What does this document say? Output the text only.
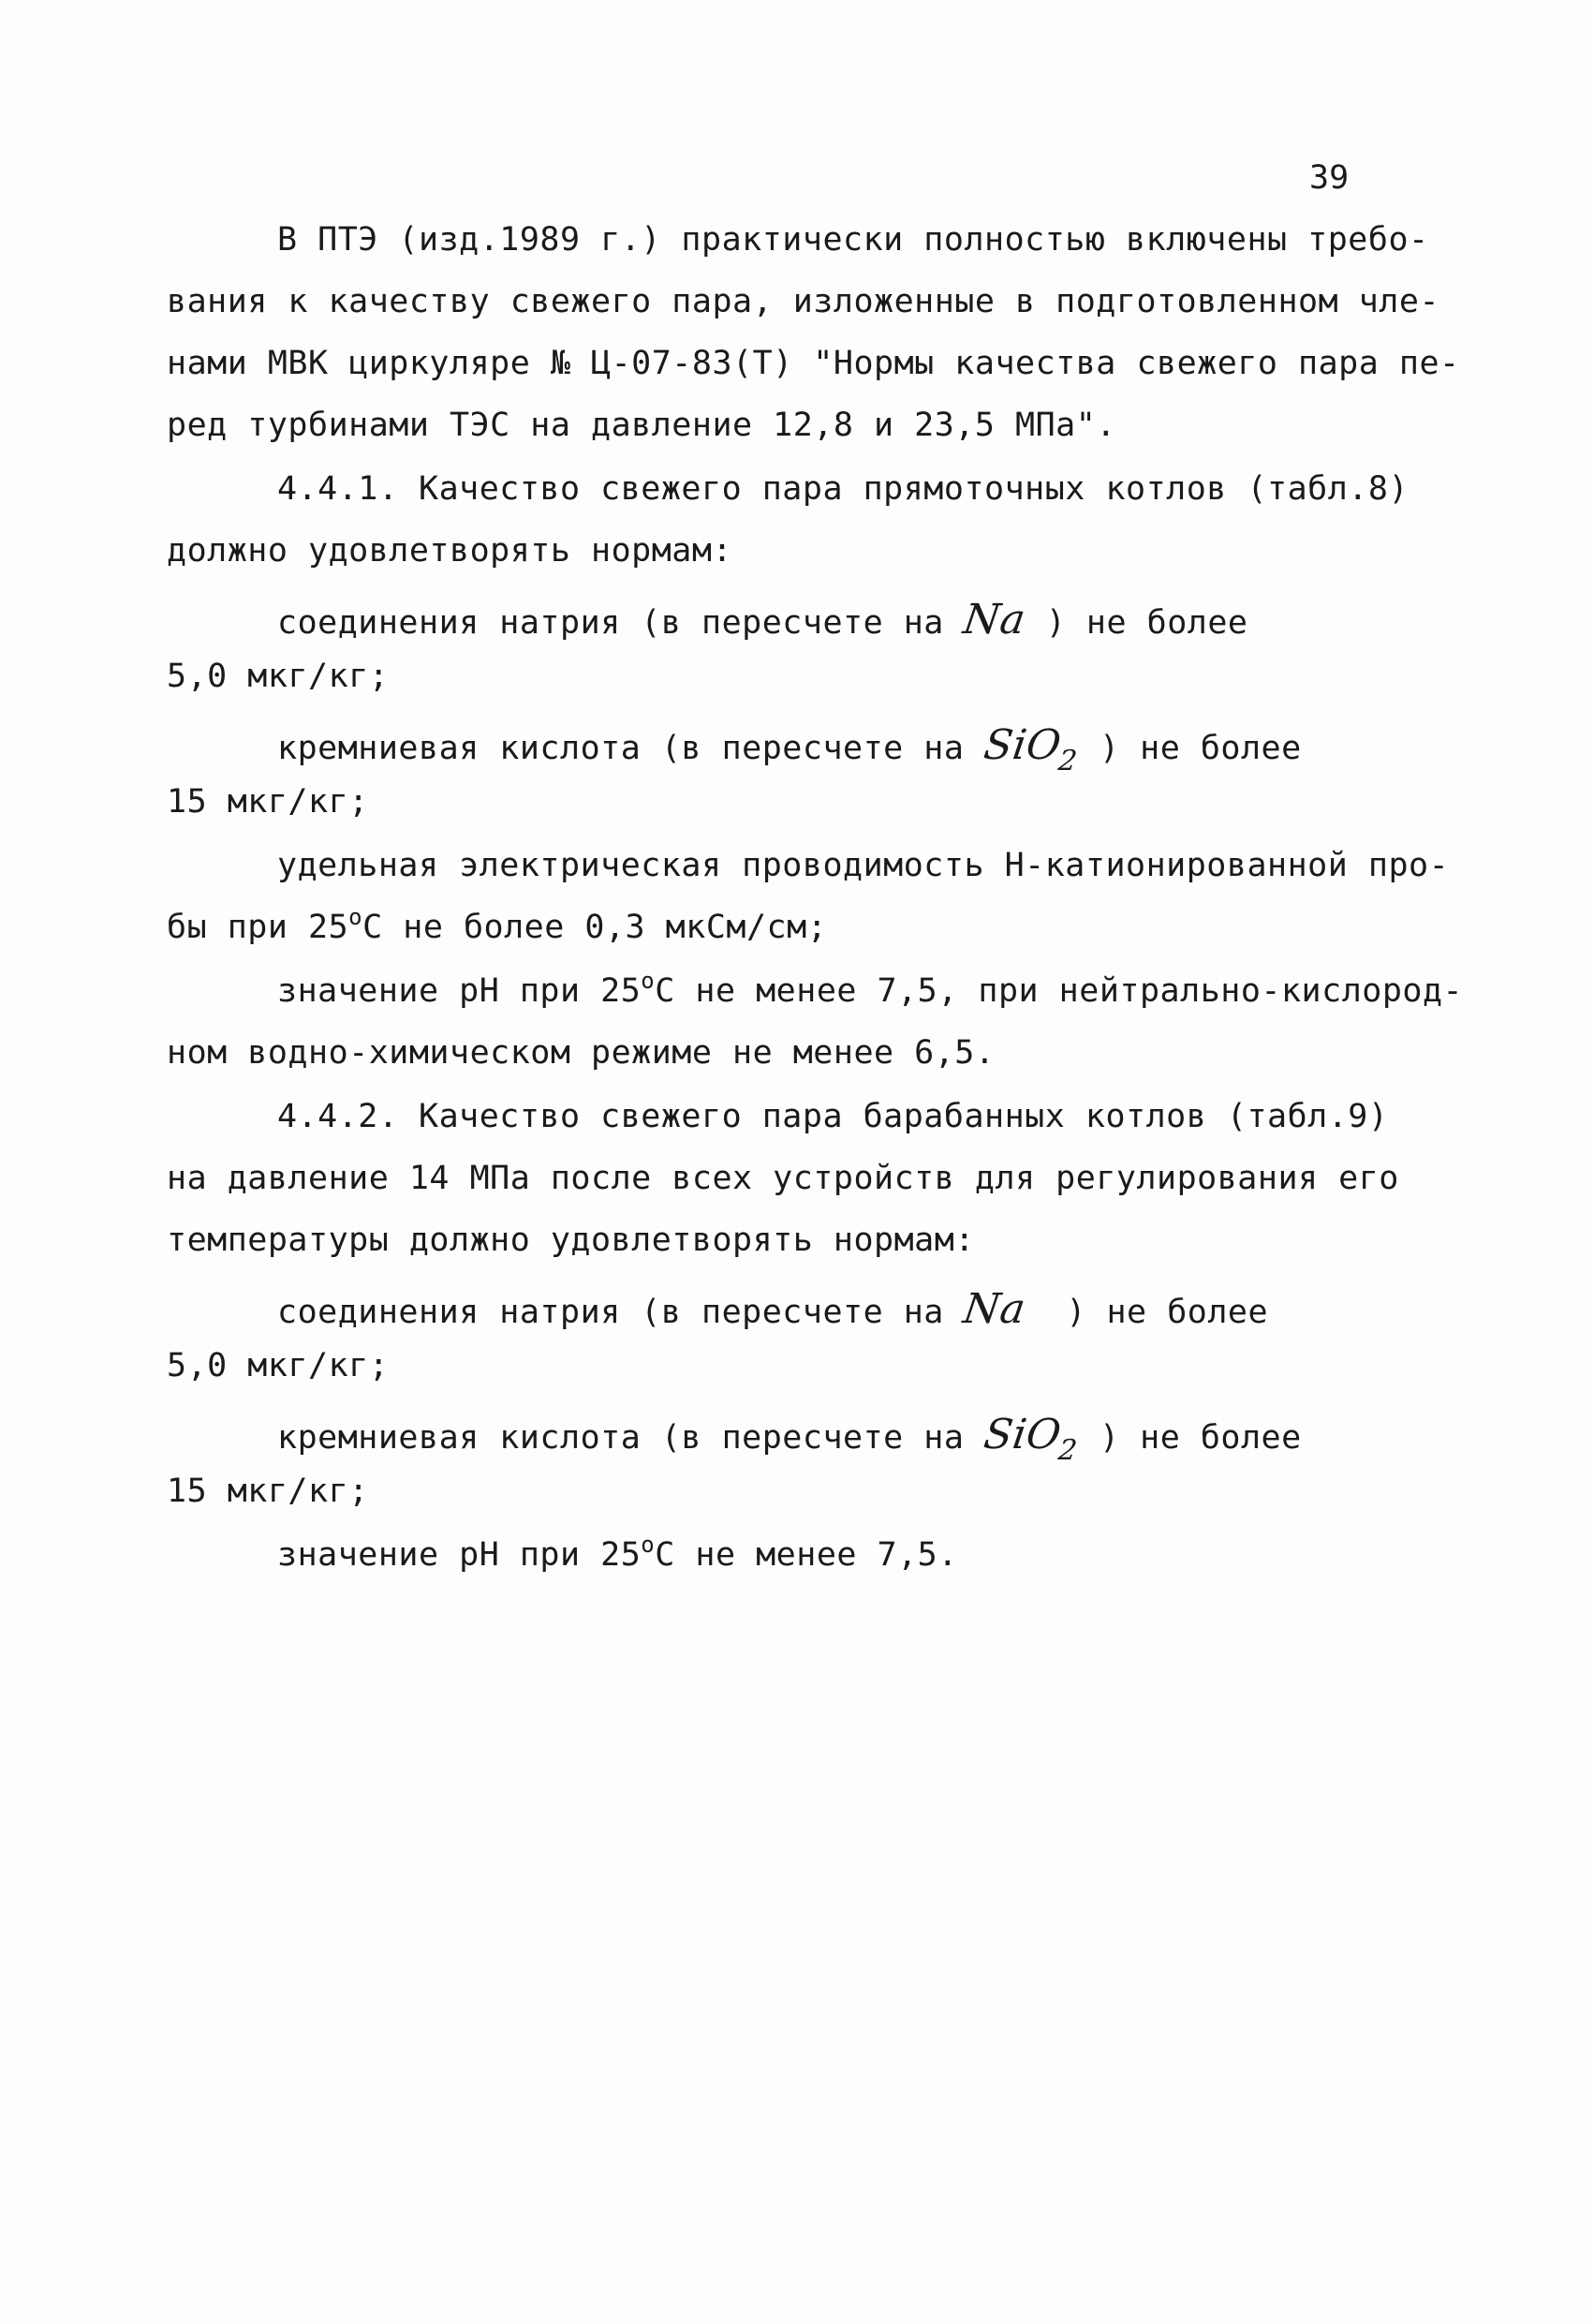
39
В ПТЭ (изд.1989 г.) практически полностью включены требо-
вания к качеству свежего пара, изложенные в подготовленном чле-
нами МВК циркуляре № Ц-07-83(Т) "Нормы качества свежего пара пе-
ред турбинами ТЭС на давление 12,8 и 23,5 МПа".
4.4.1. Качество свежего пара прямоточных котлов (табл.8)
должно удовлетворять нормам:
соединения натрия (в пересчете на Na ) не более
5,0 мкг/кг;
кремниевая кислота (в пересчете на SiO$_2$ ) не более
15 мкг/кг;
удельная электрическая проводимость Н-катионированной про-
бы при $25^оС$ не более 0,3 мкСм/см;
значение рН при $25^оС$ не менее 7,5, при нейтрально-кислород-
ном водно-химическом режиме не менее 6,5.
4.4.2. Качество свежего пара барабанных котлов (табл.9)
на давление 14 МПа после всех устройств для регулирования его
температуры должно удовлетворять нормам:
соединения натрия (в пересчете на Na  ) не более
5,0 мкг/кг;
кремниевая кислота (в пересчете на SiO$_2$ ) не более
15 мкг/кг;
значение рН при $25^оС$ не менее 7,5.
